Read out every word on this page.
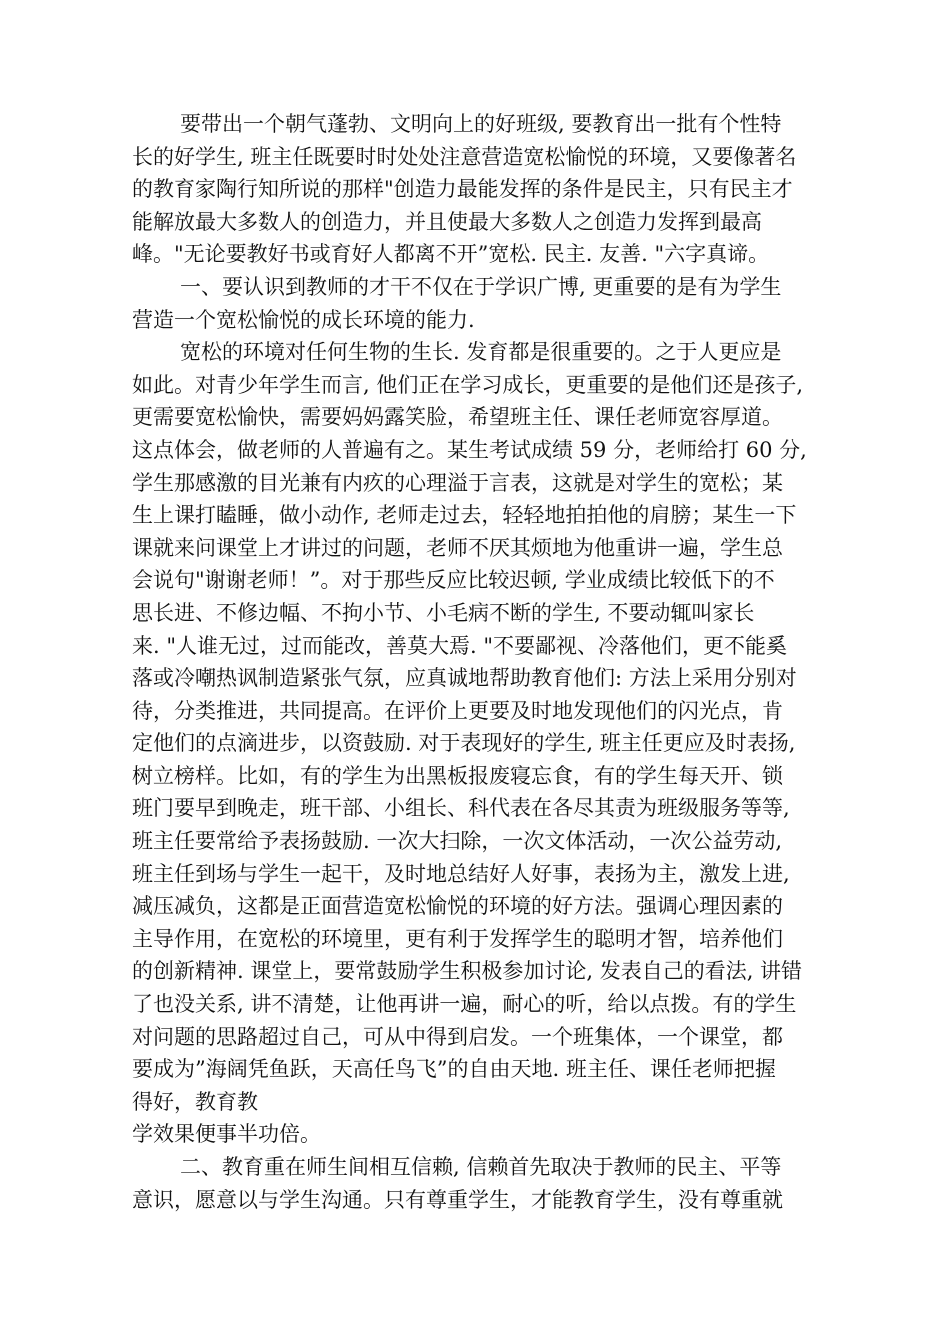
要带出一个朝气蓬勃、文明向上的好班级, 要教育出一批有个性特
长的好学生, 班主任既要时时处处注意营造宽松愉悦的环境，又要像著名
的教育家陶行知所说的那样"创造力最能发挥的条件是民主，只有民主才
能解放最大多数人的创造力，并且使最大多数人之创造力发挥到最高
峰。"无论要教好书或育好人都离不开”宽松. 民主. 友善. "六字真谛。
一、要认识到教师的才干不仅在于学识广博, 更重要的是有为学生
营造一个宽松愉悦的成长环境的能力.
宽松的环境对任何生物的生长. 发育都是很重要的。之于人更应是
如此。对青少年学生而言, 他们正在学习成长，更重要的是他们还是孩子,
更需要宽松愉快，需要妈妈露笑脸，希望班主任、课任老师宽容厚道。
这点体会，做老师的人普遍有之。某生考试成绩 59 分，老师给打 60 分,
学生那感激的目光兼有内疚的心理溢于言表，这就是对学生的宽松；某
生上课打瞌睡，做小动作, 老师走过去，轻轻地拍拍他的肩膀；某生一下
课就来问课堂上才讲过的问题，老师不厌其烦地为他重讲一遍，学生总
会说句"谢谢老师！”。对于那些反应比较迟顿, 学业成绩比较低下的不
思长进、不修边幅、不拘小节、小毛病不断的学生, 不要动辄叫家长
来. "人谁无过，过而能改，善莫大焉. "不要鄙视、冷落他们，更不能奚
落或冷嘲热讽制造紧张气氛，应真诚地帮助教育他们: 方法上采用分别对
待，分类推进，共同提高。在评价上更要及时地发现他们的闪光点，肯
定他们的点滴进步，以资鼓励. 对于表现好的学生, 班主任更应及时表扬,
树立榜样。比如，有的学生为出黑板报废寝忘食，有的学生每天开、锁
班门要早到晚走，班干部、小组长、科代表在各尽其责为班级服务等等,
班主任要常给予表扬鼓励. 一次大扫除，一次文体活动，一次公益劳动,
班主任到场与学生一起干，及时地总结好人好事，表扬为主，激发上进,
减压减负，这都是正面营造宽松愉悦的环境的好方法。强调心理因素的
主导作用，在宽松的环境里，更有利于发挥学生的聪明才智，培养他们
的创新精神. 课堂上，要常鼓励学生积极参加讨论, 发表自己的看法, 讲错
了也没关系, 讲不清楚，让他再讲一遍，耐心的听，给以点拨。有的学生
对问题的思路超过自己，可从中得到启发。一个班集体，一个课堂，都
要成为”海阔凭鱼跃，天高任鸟飞”的自由天地. 班主任、课任老师把握
得好，教育教
学效果便事半功倍。
二、教育重在师生间相互信赖, 信赖首先取决于教师的民主、平等
意识，愿意以与学生沟通。只有尊重学生，才能教育学生，没有尊重就
